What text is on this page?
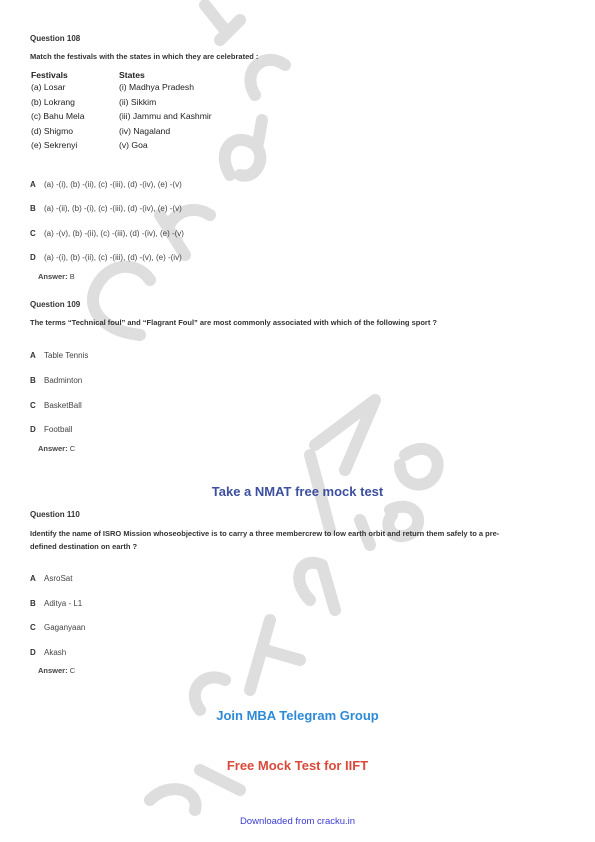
Question 108
Match the festivals with the states in which they are celebrated :
Festivals	States
(a) Losar	(i) Madhya Pradesh
(b) Lokrang	(ii) Sikkim
(c) Bahu Mela	(iii) Jammu and Kashmir
(d) Shigmo	(iv) Nagaland
(e) Sekrenyi	(v) Goa
A	(a) -(i), (b) -(ii), (c) -(iii), (d) -(iv), (e) -(v)
B	(a) -(ii), (b) -(i), (c) -(iii), (d) -(iv), (e) -(v)
C	(a) -(v), (b) -(ii), (c) -(iii), (d) -(iv), (e) -(v)
D	(a) -(i), (b) -(ii), (c) -(iii), (d) -(v), (e) -(iv)
Answer: B
Question 109
The terms “Technical foul” and “Flagrant Foul” are most commonly associated with which of the following sport ?
A	Table Tennis
B	Badminton
C	BasketBall
D	Football
Answer: C
Take a NMAT free mock test
Question 110
Identify the name of ISRO Mission whoseobjective is to carry a three membercrew to low earth orbit and return them safely to a pre-
defined destination on earth ?
A	AsroSat
B	Aditya - L1
C	Gaganyaan
D	Akash
Answer: C
Join MBA Telegram Group
Free Mock Test for IIFT
Downloaded from cracku.in
